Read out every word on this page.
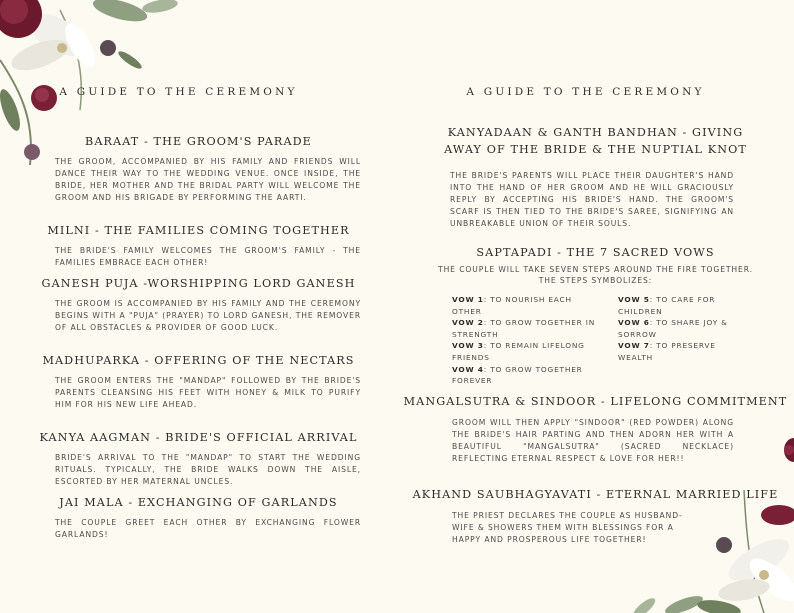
A GUIDE TO THE CEREMONY
BARAAT - THE GROOM'S PARADE
THE GROOM, ACCOMPANIED BY HIS FAMILY AND FRIENDS WILL DANCE THEIR WAY TO THE WEDDING VENUE. ONCE INSIDE, THE BRIDE, HER MOTHER AND THE BRIDAL PARTY WILL WELCOME THE GROOM AND HIS BRIGADE BY PERFORMING THE AARTI.
MILNI - THE FAMILIES COMING TOGETHER
THE BRIDE'S FAMILY WELCOMES THE GROOM'S FAMILY - THE FAMILIES EMBRACE EACH OTHER!
GANESH PUJA -WORSHIPPING LORD GANESH
THE GROOM IS ACCOMPANIED BY HIS FAMILY AND THE CEREMONY BEGINS WITH A "PUJA" (PRAYER) TO LORD GANESH, THE REMOVER OF ALL OBSTACLES & PROVIDER OF GOOD LUCK.
MADHUPARKA - OFFERING OF THE NECTARS
THE GROOM ENTERS THE "MANDAP" FOLLOWED BY THE BRIDE'S PARENTS CLEANSING HIS FEET WITH HONEY & MILK TO PURIFY HIM FOR HIS NEW LIFE AHEAD.
KANYA AAGMAN - BRIDE'S OFFICIAL ARRIVAL
BRIDE'S ARRIVAL TO THE "MANDAP" TO START THE WEDDING RITUALS. TYPICALLY, THE BRIDE WALKS DOWN THE AISLE, ESCORTED BY HER MATERNAL UNCLES.
JAI MALA - EXCHANGING OF GARLANDS
THE COUPLE GREET EACH OTHER BY EXCHANGING FLOWER GARLANDS!
A GUIDE TO THE CEREMONY
KANYADAAN & GANTH BANDHAN - GIVING
AWAY OF THE BRIDE & THE NUPTIAL KNOT
THE BRIDE'S PARENTS WILL PLACE THEIR DAUGHTER'S HAND INTO THE HAND OF HER GROOM AND HE WILL GRACIOUSLY REPLY BY ACCEPTING HIS BRIDE'S HAND. THE GROOM'S SCARF IS THEN TIED TO THE BRIDE'S SAREE, SIGNIFYING AN UNBREAKABLE UNION OF THEIR SOULS.
SAPTAPADI - THE 7 SACRED VOWS
THE COUPLE WILL TAKE SEVEN STEPS AROUND THE FIRE TOGETHER.
THE STEPS SYMBOLIZES:
MANGALSUTRA & SINDOOR - LIFELONG COMMITMENT
GROOM WILL THEN APPLY "SINDOOR" (RED POWDER) ALONG THE BRIDE'S HAIR PARTING AND THEN ADORN HER WITH A BEAUTIFUL "MANGALSUTRA" (SACRED NECKLACE) REFLECTING ETERNAL RESPECT & LOVE FOR HER!!
AKHAND SAUBHAGYAVATI - ETERNAL MARRIED LIFE
THE PRIEST DECLARES THE COUPLE AS HUSBAND-WIFE & SHOWERS THEM WITH BLESSINGS FOR A HAPPY AND PROSPEROUS LIFE TOGETHER!
VOW 1: TO NOURISH EACH OTHER
VOW 2: TO GROW TOGETHER IN STRENGTH
VOW 3: TO REMAIN LIFELONG FRIENDS
VOW 4: TO GROW TOGETHER FOREVER
VOW 5: TO CARE FOR CHILDREN
VOW 6: TO SHARE JOY & SORROW
VOW 7: TO PRESERVE WEALTH
